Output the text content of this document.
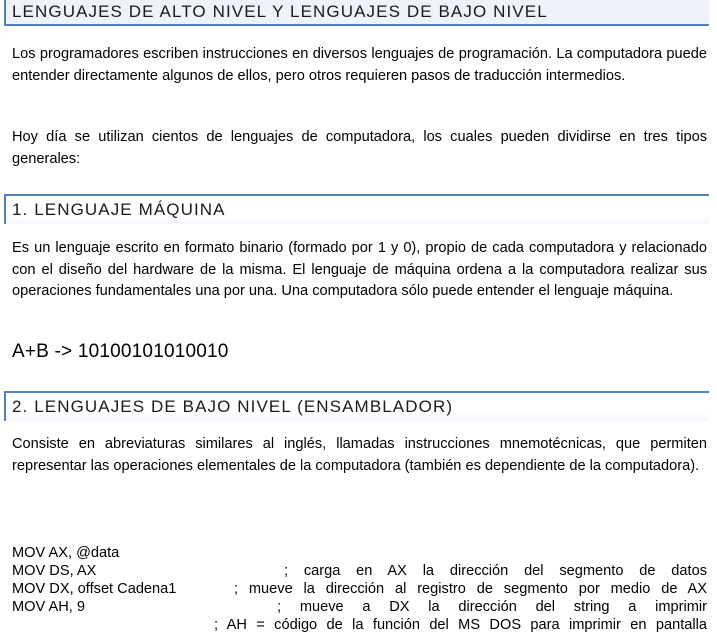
LENGUAJES DE ALTO NIVEL Y LENGUAJES DE BAJO NIVEL

Los programadores escriben instrucciones en diversos lenguajes de programación. La computadora puede entender directamente algunos de ellos, pero otros requieren pasos de traducción intermedios.

Hoy día se utilizan cientos de lenguajes de computadora, los cuales pueden dividirse en tres tipos generales:

1. LENGUAJE MÁQUINA

Es un lenguaje escrito en formato binario (formado por 1 y 0), propio de cada computadora y relacionado con el diseño del hardware de la misma. El lenguaje de máquina ordena a la computadora realizar sus operaciones fundamentales una por una. Una computadora sólo puede entender el lenguaje máquina.

A+B -> 10100101010010
2. LENGUAJES DE BAJO NIVEL (ENSAMBLADOR)

Consiste en abreviaturas similares al inglés, llamadas instrucciones mnemotécnicas, que permiten representar las operaciones elementales de la computadora (también es dependiente de la computadora).

MOV AX, @data

; carga en AX la dirección del segmento de datos

MOV DS, AX

; mueve la dirección al registro de segmento por medio de AX

MOV DX, offset Cadena1

; mueve a DX la dirección del string a imprimir

MOV AH, 9

; AH = código de la función del MS DOS para imprimir en pantalla
